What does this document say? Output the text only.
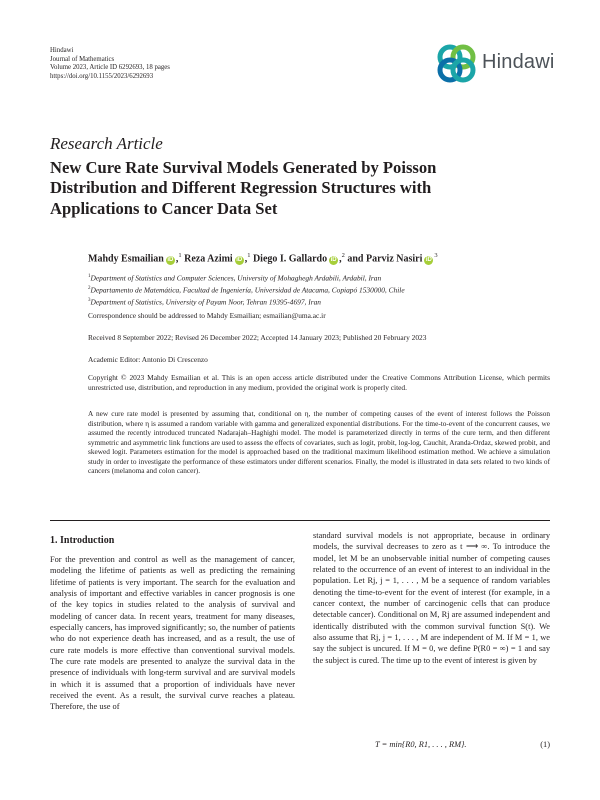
Hindawi
Journal of Mathematics
Volume 2023, Article ID 6292693, 18 pages
https://doi.org/10.1155/2023/6292693
Hindawi
Research Article
New Cure Rate Survival Models Generated by Poisson Distribution and Different Regression Structures with Applications to Cancer Data Set
Mahdy Esmailian iD ,$^1$ Reza Azimi iD ,$^1$ Diego I. Gallardo iD ,$^2$ and Parviz Nasiri $iD^3$
$^1$Department of Statistics and Computer Sciences, University of Mohaghegh Ardabili, Ardabil, Iran
$^2$Departamento de Matemática, Facultad de Ingeniería, Universidad de Atacama, Copiapó 1530000, Chile
$^3$Department of Statistics, University of Payam Noor, Tehran 19395-4697, Iran
Correspondence should be addressed to Mahdy Esmailian; esmailian@uma.ac.ir
Received 8 September 2022; Revised 26 December 2022; Accepted 14 January 2023; Published 20 February 2023
Academic Editor: Antonio Di Crescenzo
Copyright © 2023 Mahdy Esmailian et al. This is an open access article distributed under the Creative Commons Attribution License, which permits unrestricted use, distribution, and reproduction in any medium, provided the original work is properly cited.
A new cure rate model is presented by assuming that, conditional on η, the number of competing causes of the event of interest follows the Poisson distribution, where η is assumed a random variable with gamma and generalized exponential distributions. For the time-to-event of the concurrent causes, we assumed the recently introduced truncated Nadarajah–Haghighi model. The model is parameterized directly in terms of the cure term, and then different symmetric and asymmetric link functions are used to assess the effects of covariates, such as logit, probit, log-log, Cauchit, Aranda-Ordaz, skewed probit, and skewed logit. Parameters estimation for the model is approached based on the traditional maximum likelihood estimation method. We achieve a simulation study in order to investigate the performance of these estimators under different scenarios. Finally, the model is illustrated in data sets related to two kinds of cancers (melanoma and colon cancer).
1. Introduction
For the prevention and control as well as the management of cancer, modeling the lifetime of patients as well as predicting the remaining lifetime of patients is very important. The search for the evaluation and analysis of important and effective variables in cancer prognosis is one of the key topics in studies related to the analysis of survival and modeling of cancer data. In recent years, treatment for many diseases, especially cancers, has improved significantly; so, the number of patients who do not experience death has increased, and as a result, the use of cure rate models is more effective than conventional survival models. The cure rate models are presented to analyze the survival data in the presence of individuals with long-term survival and are survival models in which it is assumed that a proportion of individuals have never received the event. As a result, the survival curve reaches a plateau. Therefore, the use of
standard survival models is not appropriate, because in ordinary models, the survival decreases to zero as t ⟶ ∞. To introduce the model, let M be an unobservable initial number of competing causes related to the occurrence of an event of interest to an individual in the population. Let Rj, j = 1, . . . , M be a sequence of random variables denoting the time-to-event for the event of interest (for example, in a cancer context, the number of carcinogenic cells that can produce detectable cancer). Conditional on M, Rj are assumed independent and identically distributed with the common survival function S(t). We also assume that Rj, j = 1, . . . , M are independent of M. If M = 1, we say the subject is uncured. If M = 0, we define P(R0 = ∞) = 1 and say the subject is cured. The time up to the event of interest is given by
T = min{R0, R1, . . . , RM}.	(1)
